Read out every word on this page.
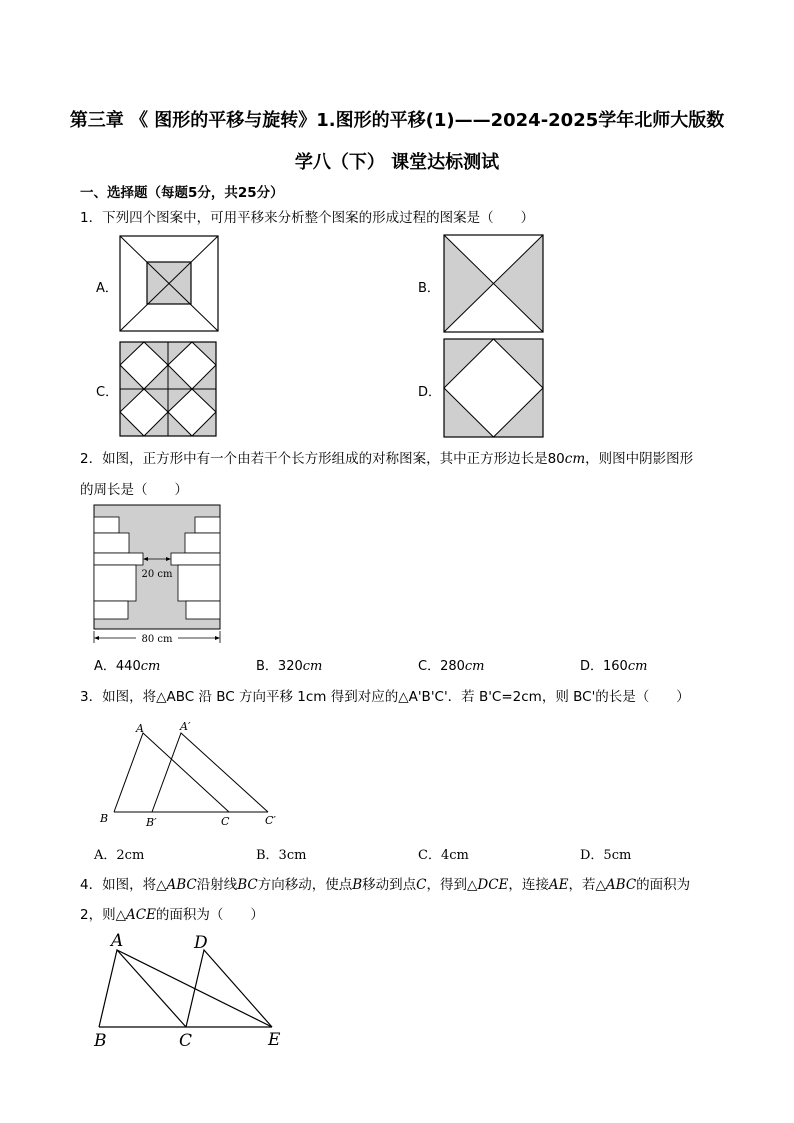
第三章 《 图形的平移与旋转》1.图形的平移(1)——2024-2025学年北师大版数
学八（下） 课堂达标测试
一、选择题（每题5分，共25分）
1．下列四个图案中，可用平移来分析整个图案的形成过程的图案是（　　）
A．	B．
C．	D．
2．如图，正方形中有一个由若干个长方形组成的对称图案，其中正方形边长是80cm，则图中阴影图形
的周长是（　　）
20 cm
80 cm
A．440cm	B．320cm	C．280cm	D．160cm
3．如图，将△ABC 沿 BC 方向平移 1cm 得到对应的△A'B'C'．若 B'C=2cm，则 BC'的长是（　　）
A	A′
B	B′	C	C′
A．2cm	B．3cm	C．4cm	D．5cm
4．如图，将△ABC沿射线BC方向移动，使点B移动到点C，得到△DCE，连接AE，若△ABC的面积为
2，则△ACE的面积为（　　）
A	D
B	C	E
